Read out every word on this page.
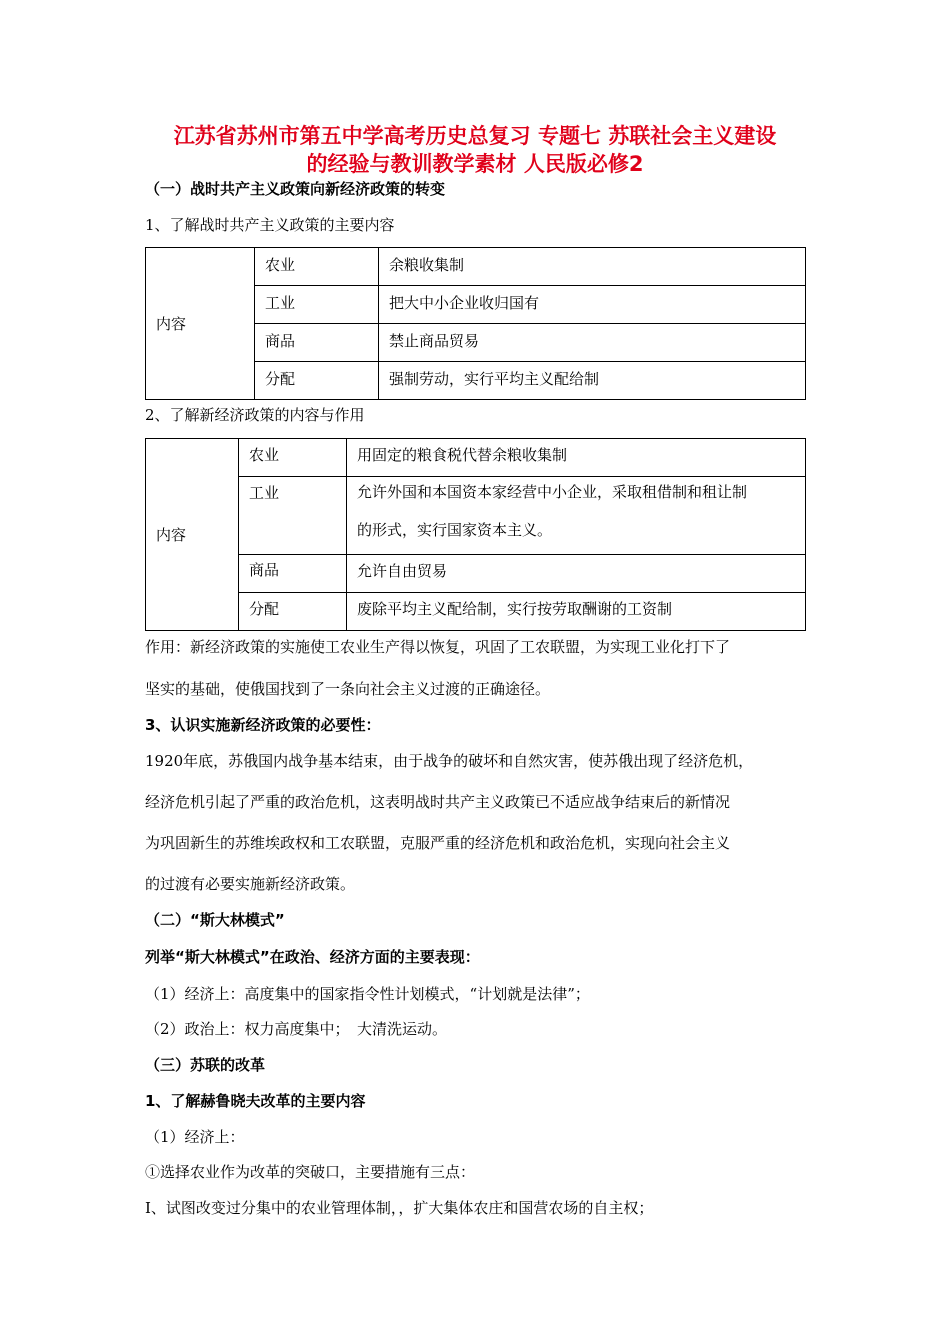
江苏省苏州市第五中学高考历史总复习 专题七 苏联社会主义建设
的经验与教训教学素材 人民版必修2
（一）战时共产主义政策向新经济政策的转变
1、了解战时共产主义政策的主要内容
内容	农业	余粮收集制
	工业	把大中小企业收归国有
	商品	禁止商品贸易
	分配	强制劳动，实行平均主义配给制
2、了解新经济政策的内容与作用
内容	农业	用固定的粮食税代替余粮收集制
	工业	允许外国和本国资本家经营中小企业，采取租借制和租让制
的形式，实行国家资本主义。

	商品	允许自由贸易
	分配	废除平均主义配给制，实行按劳取酬谢的工资制
作用：新经济政策的实施使工农业生产得以恢复，巩固了工农联盟，为实现工业化打下了
坚实的基础，使俄国找到了一条向社会主义过渡的正确途径。
3、认识实施新经济政策的必要性：
1920年底，苏俄国内战争基本结束，由于战争的破坏和自然灾害，使苏俄出现了经济危机，
经济危机引起了严重的政治危机，这表明战时共产主义政策已不适应战争结束后的新情况
为巩固新生的苏维埃政权和工农联盟，克服严重的经济危机和政治危机，实现向社会主义
的过渡有必要实施新经济政策。
（二）“斯大林模式”
列举“斯大林模式”在政治、经济方面的主要表现：
（1）经济上：高度集中的国家指令性计划模式，“计划就是法律”；
（2）政治上：权力高度集中；　大清洗运动。
（三）苏联的改革
1、了解赫鲁晓夫改革的主要内容
（1）经济上：
①选择农业作为改革的突破口，主要措施有三点：
Ⅰ、试图改变过分集中的农业管理体制，，扩大集体农庄和国营农场的自主权；
